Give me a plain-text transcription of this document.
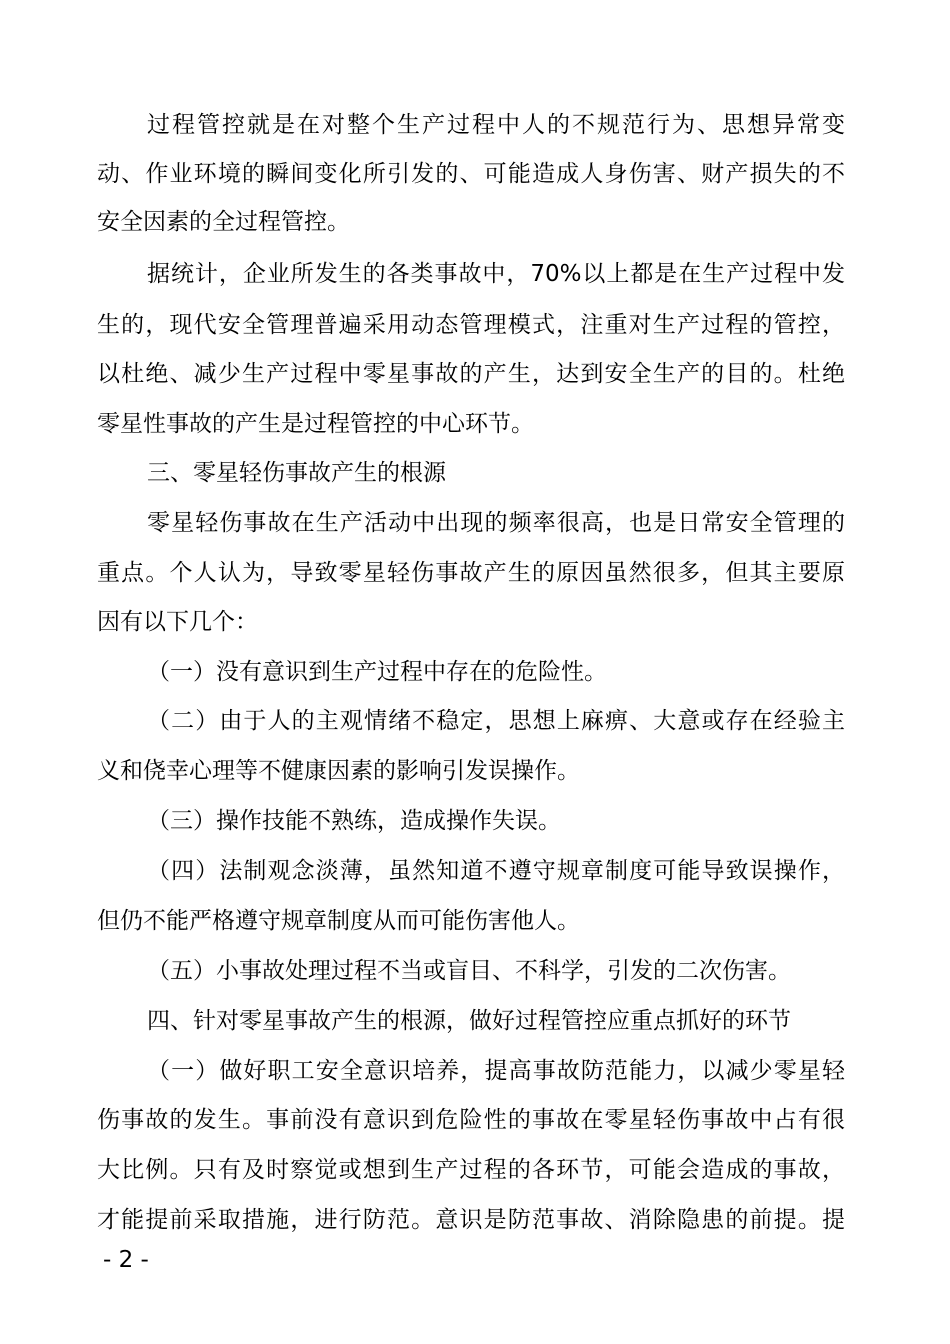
过程管控就是在对整个生产过程中人的不规范行为、思想异常变
动、作业环境的瞬间变化所引发的、可能造成人身伤害、财产损失的不
安全因素的全过程管控。
据统计，企业所发生的各类事故中，70%以上都是在生产过程中发
生的，现代安全管理普遍采用动态管理模式，注重对生产过程的管控，
以杜绝、减少生产过程中零星事故的产生，达到安全生产的目的。杜绝
零星性事故的产生是过程管控的中心环节。
三、零星轻伤事故产生的根源
零星轻伤事故在生产活动中出现的频率很高，也是日常安全管理的
重点。个人认为，导致零星轻伤事故产生的原因虽然很多，但其主要原
因有以下几个：
（一）没有意识到生产过程中存在的危险性。
（二）由于人的主观情绪不稳定，思想上麻痹、大意或存在经验主
义和侥幸心理等不健康因素的影响引发误操作。
（三）操作技能不熟练，造成操作失误。
（四）法制观念淡薄，虽然知道不遵守规章制度可能导致误操作，
但仍不能严格遵守规章制度从而可能伤害他人。
（五）小事故处理过程不当或盲目、不科学，引发的二次伤害。
四、针对零星事故产生的根源，做好过程管控应重点抓好的环节
（一）做好职工安全意识培养，提高事故防范能力，以减少零星轻
伤事故的发生。事前没有意识到危险性的事故在零星轻伤事故中占有很
大比例。只有及时察觉或想到生产过程的各环节，可能会造成的事故，
才能提前采取措施，进行防范。意识是防范事故、消除隐患的前提。提
- 2 -
